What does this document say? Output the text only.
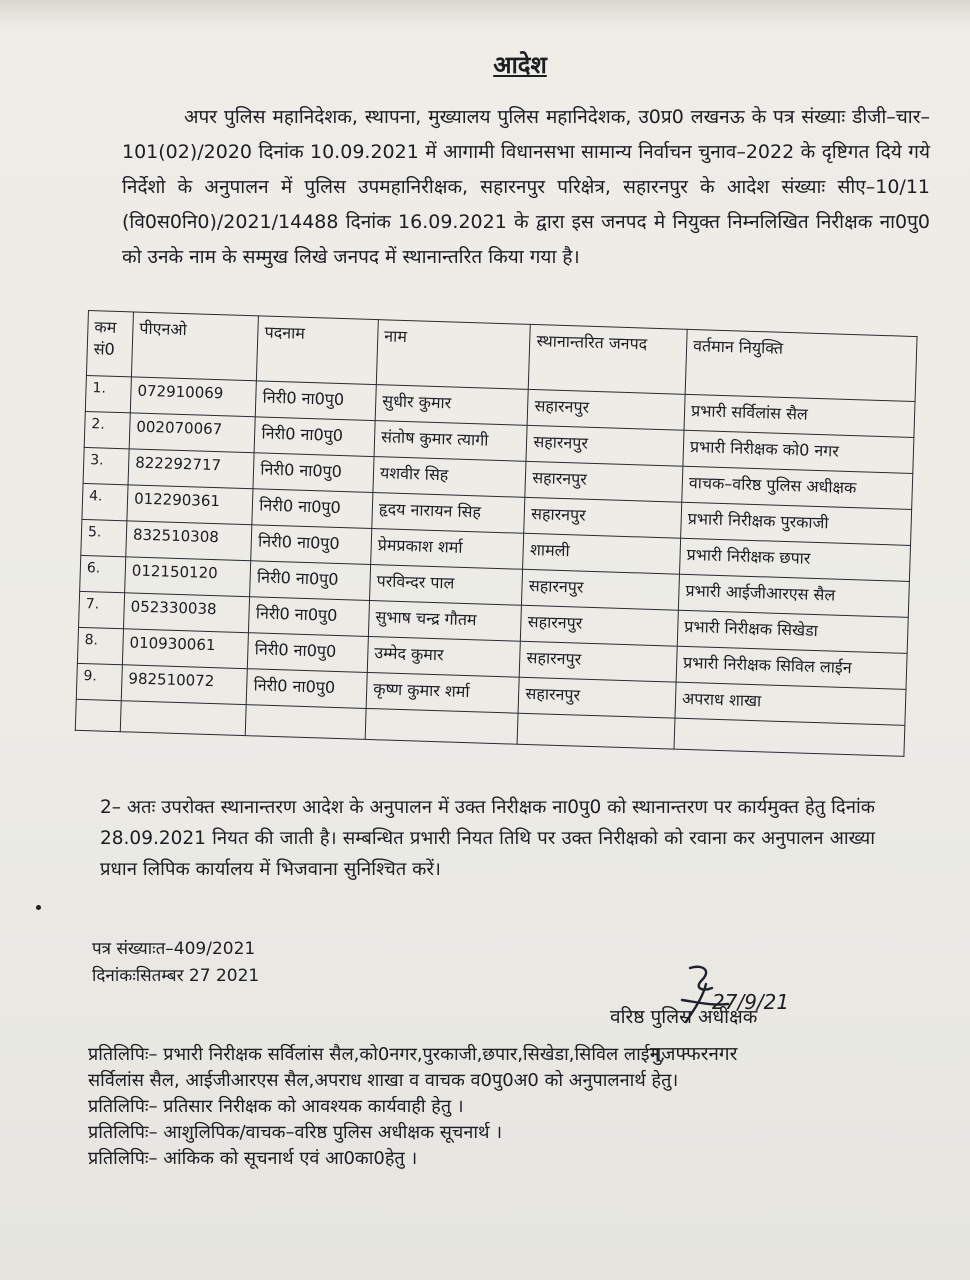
आदेश
अपर पुलिस महानिदेशक, स्थापना, मुख्यालय पुलिस महानिदेशक, उ0प्र0 लखनऊ के पत्र संख्याः डीजी–चार–101(02)/2020 दिनांक 10.09.2021 में आगामी विधानसभा सामान्य निर्वाचन चुनाव–2022 के दृष्टिगत दिये गये निर्देशो के अनुपालन में पुलिस उपमहानिरीक्षक, सहारनपुर परिक्षेत्र, सहारनपुर के आदेश संख्याः सीए–10/11 (वि0स0नि0)/2021/14488 दिनांक 16.09.2021 के द्वारा इस जनपद मे नियुक्त निम्नलिखित निरीक्षक ना0पु0 को उनके नाम के सम्मुख लिखे जनपद में स्थानान्तरित किया गया है।
कम सं0	पीएनओ	पदनाम	नाम	स्थानान्तरित जनपद	वर्तमान नियुक्ति
1.	072910069	निरी0 ना0पु0	सुधीर कुमार	सहारनपुर	प्रभारी सर्विलांस सैल
2.	002070067	निरी0 ना0पु0	संतोष कुमार त्यागी	सहारनपुर	प्रभारी निरीक्षक को0 नगर
3.	822292717	निरी0 ना0पु0	यशवीर सिह	सहारनपुर	वाचक–वरिष्ठ पुलिस अधीक्षक
4.	012290361	निरी0 ना0पु0	हृदय नारायन सिह	सहारनपुर	प्रभारी निरीक्षक पुरकाजी
5.	832510308	निरी0 ना0पु0	प्रेमप्रकाश शर्मा	शामली	प्रभारी निरीक्षक छपार
6.	012150120	निरी0 ना0पु0	परविन्दर पाल	सहारनपुर	प्रभारी आईजीआरएस सैल
7.	052330038	निरी0 ना0पु0	सुभाष चन्द्र गौतम	सहारनपुर	प्रभारी निरीक्षक सिखेडा
8.	010930061	निरी0 ना0पु0	उम्मेद कुमार	सहारनपुर	प्रभारी निरीक्षक सिविल लाईन
9.	982510072	निरी0 ना0पु0	कृष्ण कुमार शर्मा	सहारनपुर	अपराध शाखा

2– अतः उपरोक्त स्थानान्तरण आदेश के अनुपालन में उक्त निरीक्षक ना0पु0 को स्थानान्तरण पर कार्यमुक्त हेतु दिनांक 28.09.2021 नियत की जाती है। सम्बन्धित प्रभारी नियत तिथि पर उक्त निरीक्षको को रवाना कर अनुपालन आख्या प्रधान लिपिक कार्यालय में भिजवाना सुनिश्चित करें।
पत्र संख्याःत–409/2021
दिनांकःसितम्बर 27 2021
27/9/21
वरिष्ठ पुलिस अधीक्षक
मुजफ्फरनगर
प्रतिलिपिः– प्रभारी निरीक्षक सर्विलांस सैल,को0नगर,पुरकाजी,छपार,सिखेडा,सिविल लाईन,
सर्विलांस सैल, आईजीआरएस सैल,अपराध शाखा व वाचक व0पु0अ0 को अनुपालनार्थ हेतु।
प्रतिलिपिः– प्रतिसार निरीक्षक को आवश्यक कार्यवाही हेतु ।
प्रतिलिपिः– आशुलिपिक/वाचक–वरिष्ठ पुलिस अधीक्षक सूचनार्थ ।
प्रतिलिपिः– आंकिक को सूचनार्थ एवं आ0का0हेतु ।
